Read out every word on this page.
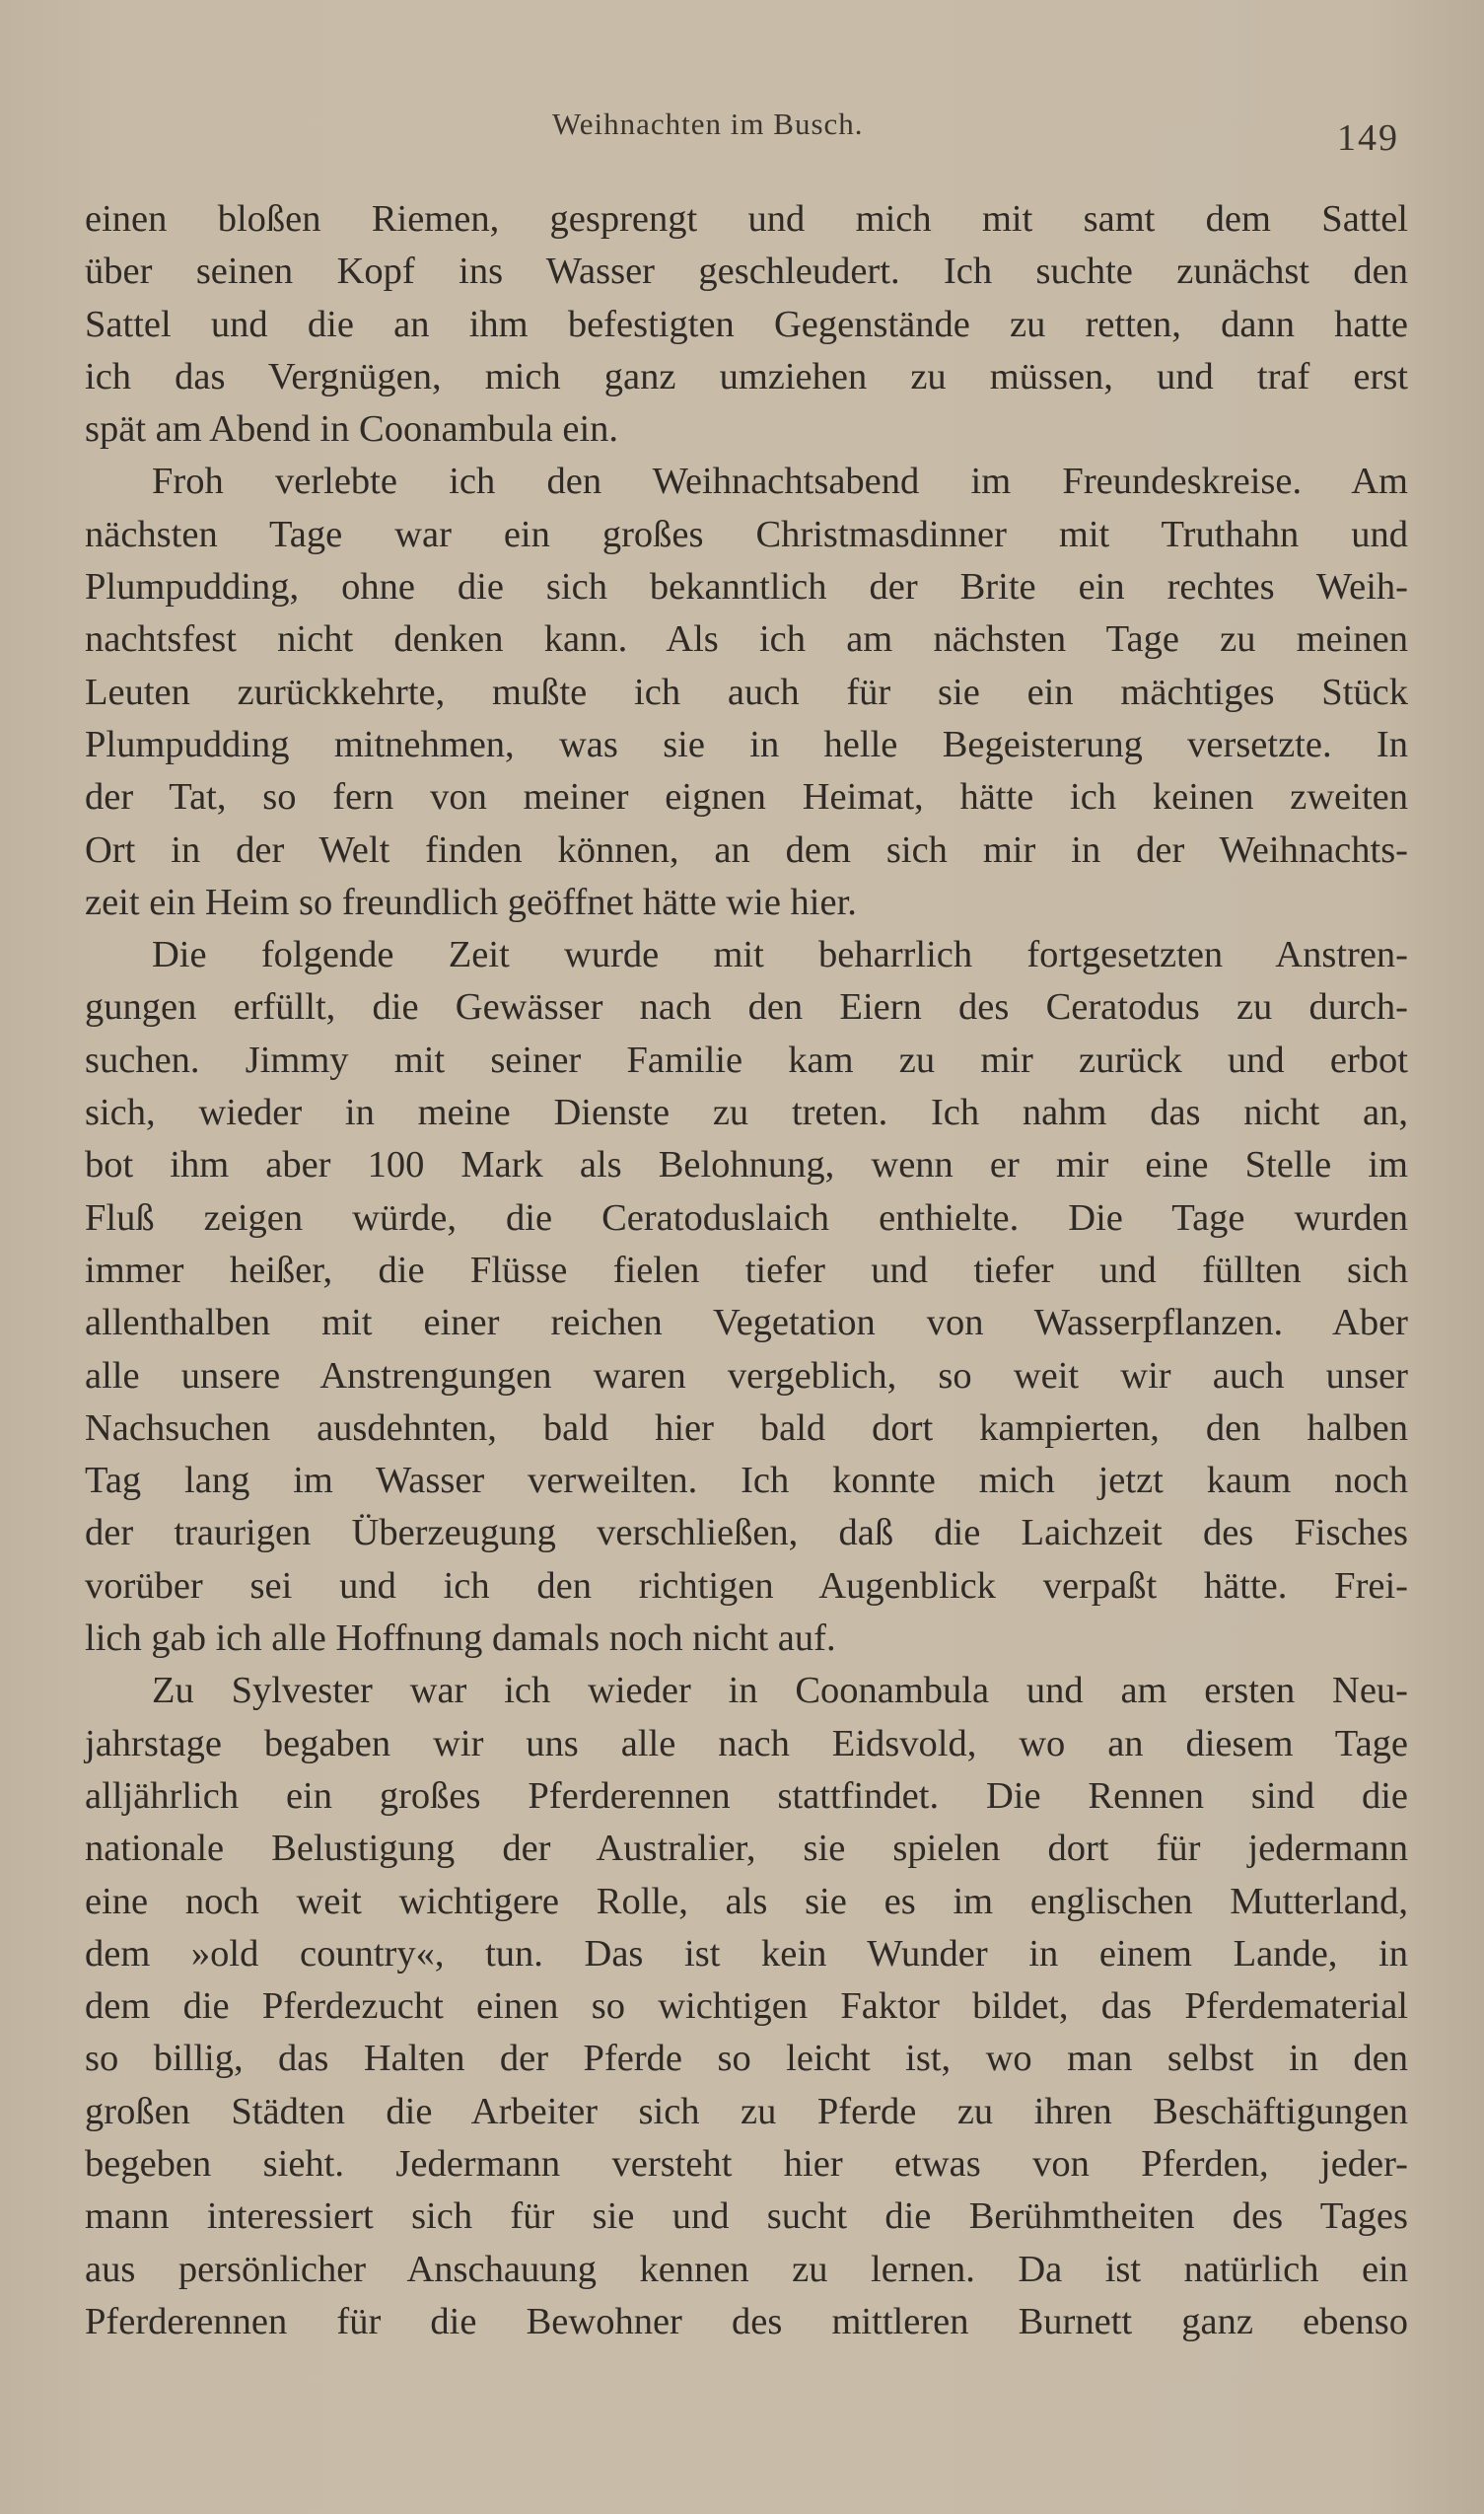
Weihnachten im Busch.	149
einen bloßen Riemen, gesprengt und mich mit samt dem Sattel
über seinen Kopf ins Wasser geschleudert. Ich suchte zunächst den
Sattel und die an ihm befestigten Gegenstände zu retten, dann hatte
ich das Vergnügen, mich ganz umziehen zu müssen, und traf erst
spät am Abend in Coonambula ein.
Froh verlebte ich den Weihnachtsabend im Freundeskreise. Am
nächsten Tage war ein großes Christmasdinner mit Truthahn und
Plumpudding, ohne die sich bekanntlich der Brite ein rechtes Weih-
nachtsfest nicht denken kann. Als ich am nächsten Tage zu meinen
Leuten zurückkehrte, mußte ich auch für sie ein mächtiges Stück
Plumpudding mitnehmen, was sie in helle Begeisterung versetzte. In
der Tat, so fern von meiner eignen Heimat, hätte ich keinen zweiten
Ort in der Welt finden können, an dem sich mir in der Weihnachts-
zeit ein Heim so freundlich geöffnet hätte wie hier.
Die folgende Zeit wurde mit beharrlich fortgesetzten Anstren-
gungen erfüllt, die Gewässer nach den Eiern des Ceratodus zu durch-
suchen. Jimmy mit seiner Familie kam zu mir zurück und erbot
sich, wieder in meine Dienste zu treten. Ich nahm das nicht an,
bot ihm aber 100 Mark als Belohnung, wenn er mir eine Stelle im
Fluß zeigen würde, die Ceratoduslaich enthielte. Die Tage wurden
immer heißer, die Flüsse fielen tiefer und tiefer und füllten sich
allenthalben mit einer reichen Vegetation von Wasserpflanzen. Aber
alle unsere Anstrengungen waren vergeblich, so weit wir auch unser
Nachsuchen ausdehnten, bald hier bald dort kampierten, den halben
Tag lang im Wasser verweilten. Ich konnte mich jetzt kaum noch
der traurigen Überzeugung verschließen, daß die Laichzeit des Fisches
vorüber sei und ich den richtigen Augenblick verpaßt hätte. Frei-
lich gab ich alle Hoffnung damals noch nicht auf.
Zu Sylvester war ich wieder in Coonambula und am ersten Neu-
jahrstage begaben wir uns alle nach Eidsvold, wo an diesem Tage
alljährlich ein großes Pferderennen stattfindet. Die Rennen sind die
nationale Belustigung der Australier, sie spielen dort für jedermann
eine noch weit wichtigere Rolle, als sie es im englischen Mutterland,
dem »old country«, tun. Das ist kein Wunder in einem Lande, in
dem die Pferdezucht einen so wichtigen Faktor bildet, das Pferdematerial
so billig, das Halten der Pferde so leicht ist, wo man selbst in den
großen Städten die Arbeiter sich zu Pferde zu ihren Beschäftigungen
begeben sieht. Jedermann versteht hier etwas von Pferden, jeder-
mann interessiert sich für sie und sucht die Berühmtheiten des Tages
aus persönlicher Anschauung kennen zu lernen. Da ist natürlich ein
Pferderennen für die Bewohner des mittleren Burnett ganz ebenso
